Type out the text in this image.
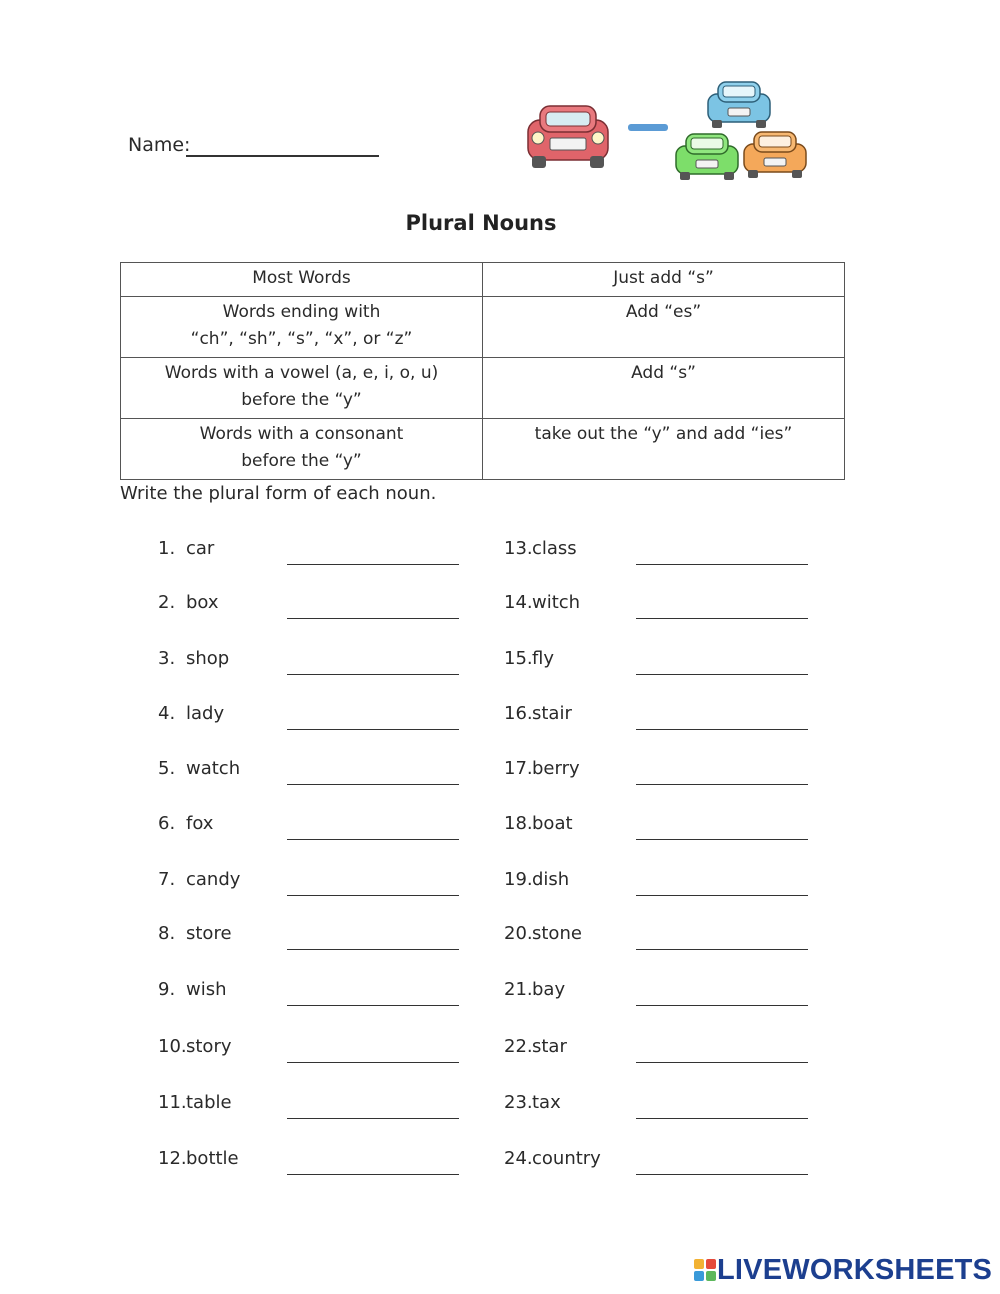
Name:
Plural Nouns
Most Words	Just add “s”

Words ending with
“ch”, “sh”, “s”, “x”, or “z”	Add “es”

Words with a vowel (a, e, i, o, u)
before the “y”	Add “s”

Words with a consonant
before the “y”	take out the “y” and add “ies”
Write the plural form of each noun.
1. car
2. box
3. shop
4. lady
5. watch
6. fox
7. candy
8. store
9. wish
10.story
11.table
12.bottle
13.class
14.witch
15.fly
16.stair
17.berry
18.boat
19.dish
20.stone
21.bay
22.star
23.tax
24.country
LIVEWORKSHEETS
